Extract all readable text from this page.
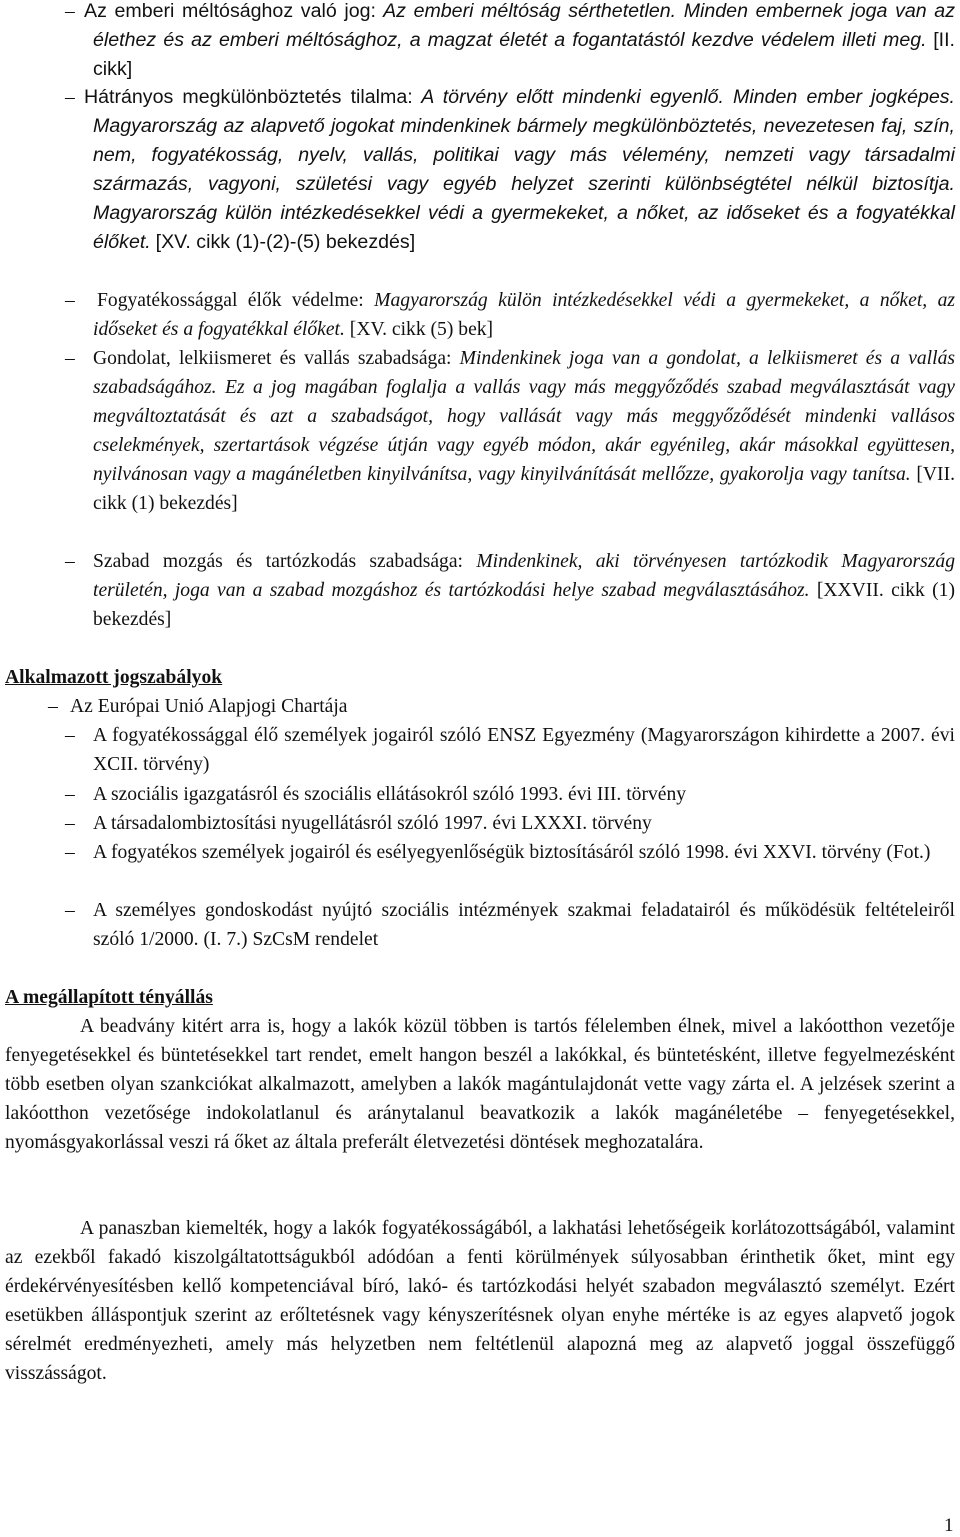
– Az emberi méltósághoz való jog: Az emberi méltóság sérthetetlen. Minden embernek joga van az élethez és az emberi méltósághoz, a magzat életét a fogantatástól kezdve védelem illeti meg. [II. cikk]
– Hátrányos megkülönböztetés tilalma: A törvény előtt mindenki egyenlő. Minden ember jogképes. Magyarország az alapvető jogokat mindenkinek bármely megkülönböztetés, nevezetesen faj, szín, nem, fogyatékosság, nyelv, vallás, politikai vagy más vélemény, nemzeti vagy társadalmi származás, vagyoni, születési vagy egyéb helyzet szerinti különbségtétel nélkül biztosítja. Magyarország külön intézkedésekkel védi a gyermekeket, a nőket, az időseket és a fogyatékkal élőket. [XV. cikk (1)-(2)-(5) bekezdés]
– Fogyatékossággal élők védelme: Magyarország külön intézkedésekkel védi a gyermekeket, a nőket, az időseket és a fogyatékkal élőket. [XV. cikk (5) bek]
– Gondolat, lelkiismeret és vallás szabadsága: Mindenkinek joga van a gondolat, a lelkiismeret és a vallás szabadságához. Ez a jog magában foglalja a vallás vagy más meggyőződés szabad megválasztását vagy megváltoztatását és azt a szabadságot, hogy vallását vagy más meggyőződését mindenki vallásos cselekmények, szertartások végzése útján vagy egyéb módon, akár egyénileg, akár másokkal együttesen, nyilvánosan vagy a magánéletben kinyilvánítsa, vagy kinyilvánítását mellőzze, gyakorolja vagy tanítsa. [VII. cikk (1) bekezdés]
– Szabad mozgás és tartózkodás szabadsága: Mindenkinek, aki törvényesen tartózkodik Magyarország területén, joga van a szabad mozgáshoz és tartózkodási helye szabad megválasztásához. [XXVII. cikk (1) bekezdés]
Alkalmazott jogszabályok
– Az Európai Unió Alapjogi Chartája
– A fogyatékossággal élő személyek jogairól szóló ENSZ Egyezmény (Magyarországon kihirdette a 2007. évi XCII. törvény)
– A szociális igazgatásról és szociális ellátásokról szóló 1993. évi III. törvény
– A társadalombiztosítási nyugellátásról szóló 1997. évi LXXXI. törvény
– A fogyatékos személyek jogairól és esélyegyenlőségük biztosításáról szóló 1998. évi XXVI. törvény (Fot.)
– A személyes gondoskodást nyújtó szociális intézmények szakmai feladatairól és működésük feltételeiről szóló 1/2000. (I. 7.) SzCsM rendelet
A megállapított tényállás
A beadvány kitért arra is, hogy a lakók közül többen is tartós félelemben élnek, mivel a lakóotthon vezetője fenyegetésekkel és büntetésekkel tart rendet, emelt hangon beszél a lakókkal, és büntetésként, illetve fegyelmezésként több esetben olyan szankciókat alkalmazott, amelyben a lakók magántulajdonát vette vagy zárta el. A jelzések szerint a lakóotthon vezetősége indokolatlanul és aránytalanul beavatkozik a lakók magánéletébe – fenyegetésekkel, nyomásgyakorlással veszi rá őket az általa preferált életvezetési döntések meghozatalára.
A panaszban kiemelték, hogy a lakók fogyatékosságából, a lakhatási lehetőségeik korlátozottságából, valamint az ezekből fakadó kiszolgáltatottságukból adódóan a fenti körülmények súlyosabban érinthetik őket, mint egy érdekérvényesítésben kellő kompetenciával bíró, lakó- és tartózkodási helyét szabadon megválasztó személyt. Ezért esetükben álláspontjuk szerint az erőltetésnek vagy kényszerítésnek olyan enyhe mértéke is az egyes alapvető jogok sérelmét eredményezheti, amely más helyzetben nem feltétlenül alapozná meg az alapvető joggal összefüggő visszásságot.
1
